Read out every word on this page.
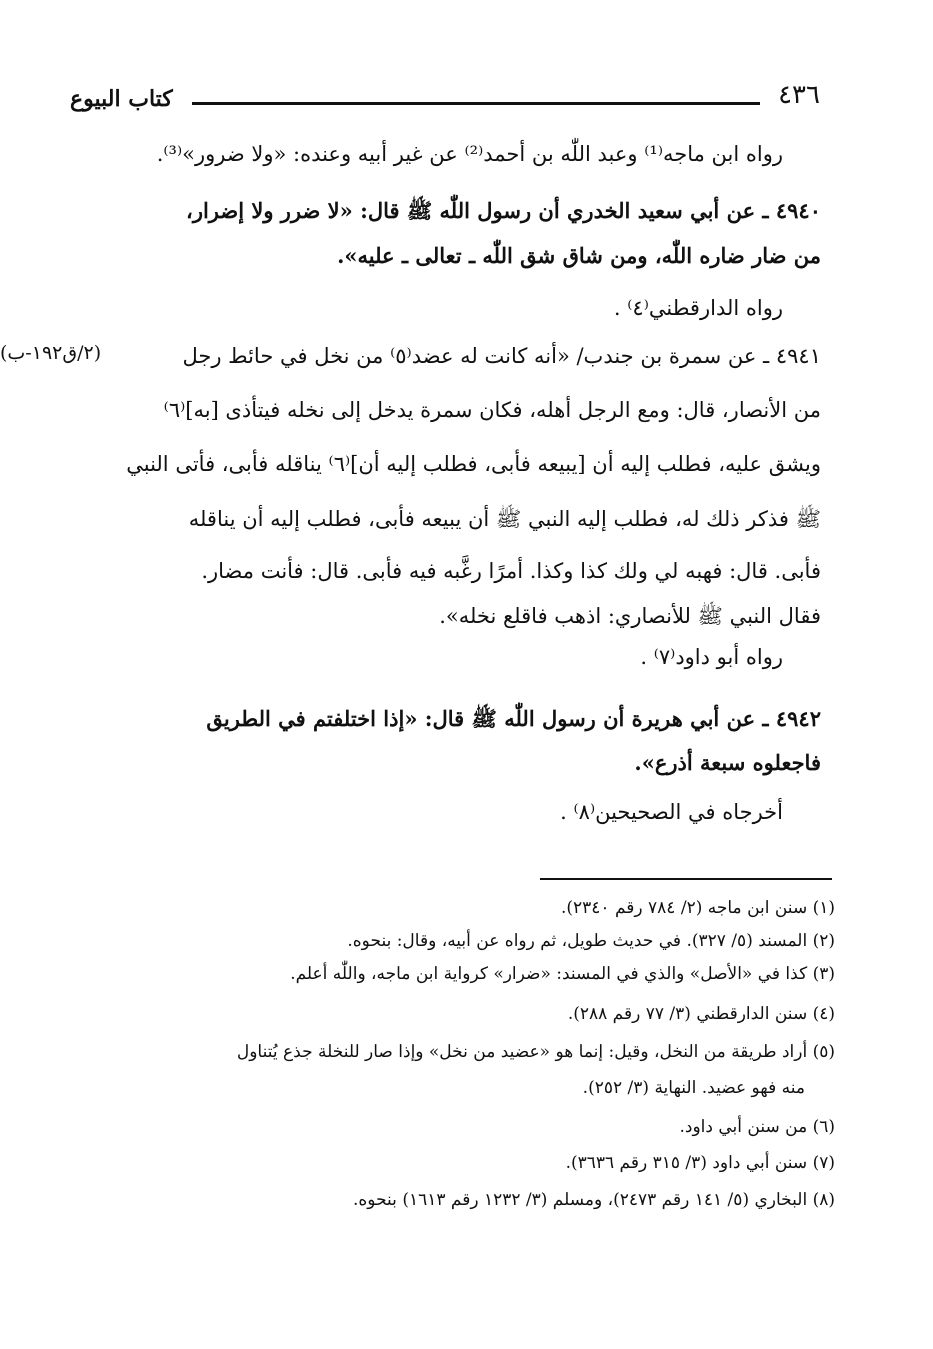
٤٣٦
كتاب البيوع
(٢/ق١٩٢-ب)
رواه ابن ماجه⁽¹⁾ وعبد اللّٰه بن أحمد⁽²⁾ عن غير أبيه وعنده: «ولا ضرور»⁽³⁾.
٤٩٤٠ ـ عن أبي سعيد الخدري أن رسول اللّٰه ﷺ قال: «لا ضرر ولا إضرار،
من ضار ضاره اللّٰه، ومن شاق شق اللّٰه ـ تعالى ـ عليه».
رواه الدارقطني⁽٤⁾ .
٤٩٤١ ـ عن سمرة بن جندب/ «أنه كانت له عضد⁽٥⁾ من نخل في حائط رجل
من الأنصار، قال: ومع الرجل أهله، فكان سمرة يدخل إلى نخله فيتأذى [به]⁽٦⁾
ويشق عليه، فطلب إليه أن [يبيعه فأبى، فطلب إليه أن]⁽٦⁾ يناقله فأبى، فأتى النبي
ﷺ فذكر ذلك له، فطلب إليه النبي ﷺ أن يبيعه فأبى، فطلب إليه أن يناقله
فأبى. قال: فهبه لي ولك كذا وكذا. أمرًا رغَّبه فيه فأبى. قال: فأنت مضار.
فقال النبي ﷺ للأنصاري: اذهب فاقلع نخله».
رواه أبو داود⁽٧⁾ .
٤٩٤٢ ـ عن أبي هريرة أن رسول اللّٰه ﷺ قال: «إذا اختلفتم في الطريق
فاجعلوه سبعة أذرع».
أخرجاه في الصحيحين⁽٨⁾ .
(١) سنن ابن ماجه (٢/ ٧٨٤ رقم ٢٣٤٠).
(٢) المسند (٥/ ٣٢٧). في حديث طويل، ثم رواه عن أبيه، وقال: بنحوه.
(٣) كذا في «الأصل» والذي في المسند: «ضرار» كرواية ابن ماجه، واللّٰه أعلم.
(٤) سنن الدارقطني (٣/ ٧٧ رقم ٢٨٨).
(٥) أراد طريقة من النخل، وقيل: إنما هو «عضيد من نخل» وإذا صار للنخلة جذع يُتناول
منه فهو عضيد. النهاية (٣/ ٢٥٢).
(٦) من سنن أبي داود.
(٧) سنن أبي داود (٣/ ٣١٥ رقم ٣٦٣٦).
(٨) البخاري (٥/ ١٤١ رقم ٢٤٧٣)، ومسلم (٣/ ١٢٣٢ رقم ١٦١٣) بنحوه.
